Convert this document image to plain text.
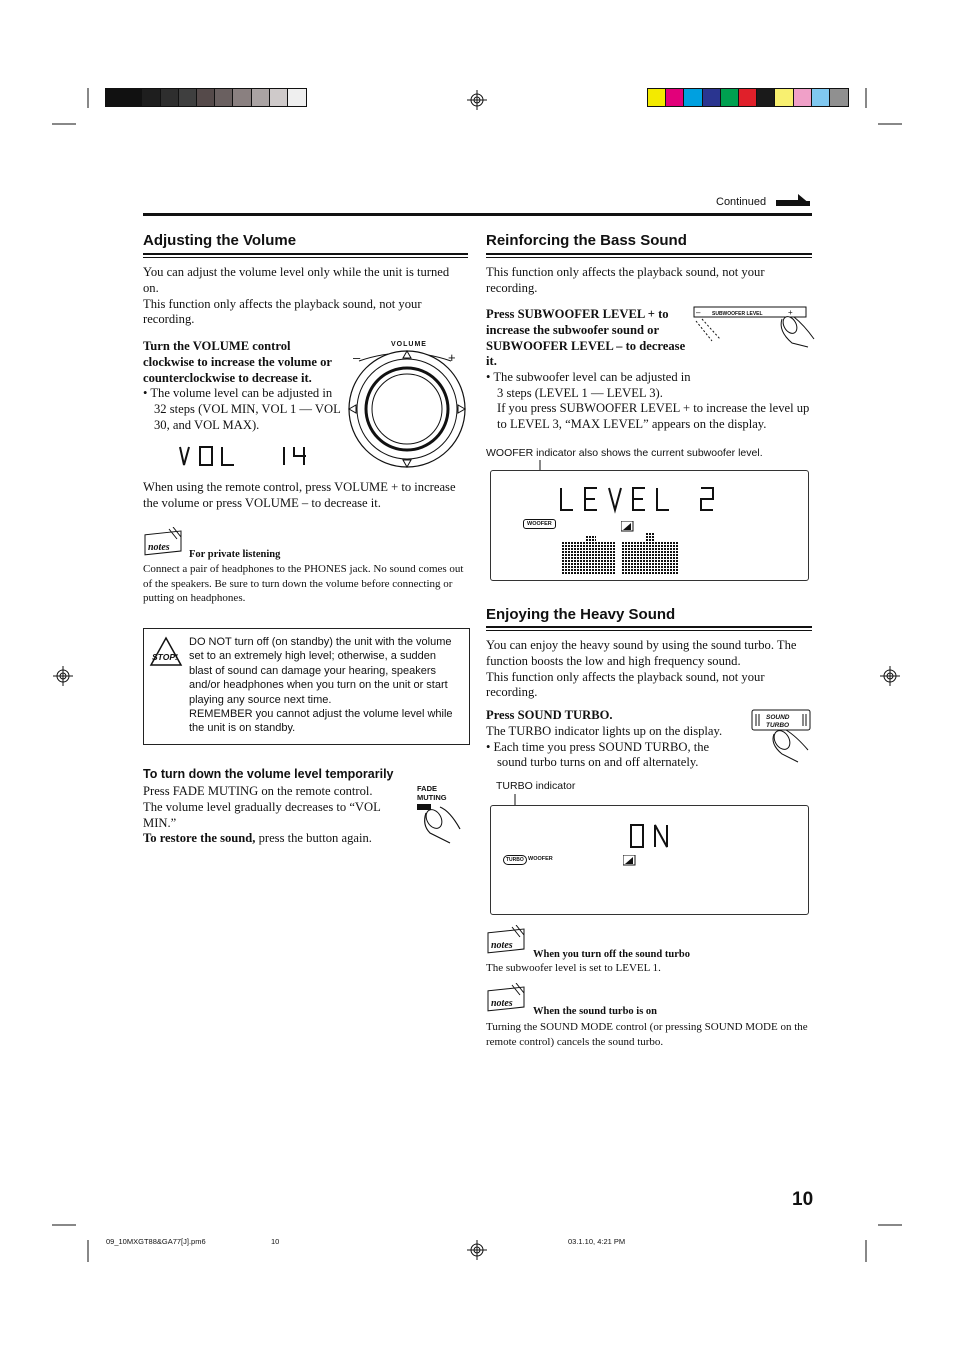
Continued
Adjusting the Volume

You can adjust the volume level only while the unit is turned on.

This function only affects the playback sound, not your recording.

Turn the VOLUME control clockwise to increase the volume or counterclockwise to decrease it.

• The volume level can be adjusted in 32 steps (VOL MIN, VOL 1 — VOL 30, and VOL MAX).

VOLUME
–	+
VOL 14

When using the remote control, press VOLUME + to increase the volume or press VOLUME – to decrease it.

notes
For private listening

Connect a pair of headphones to the PHONES jack. No sound comes out of the speakers. Be sure to turn down the volume before connecting or putting on headphones.

STOP!

DO NOT turn off (on standby) the unit with the volume set to an extremely high level; otherwise, a sudden blast of sound can damage your hearing, speakers and/or headphones when you turn on the unit or start playing any source next time.

REMEMBER you cannot adjust the volume level while the unit is on standby.

To turn down the volume level temporarily

Press FADE MUTING on the remote control. The volume level gradually decreases to “VOL MIN.”

To restore the sound, press the button again.

FADE
MUTING
Reinforcing the Bass Sound

This function only affects the playback sound, not your recording.

Press SUBWOOFER LEVEL + to increase the subwoofer sound or SUBWOOFER LEVEL – to decrease it.

• The subwoofer level can be adjusted in 3 steps (LEVEL 1 — LEVEL 3).

If you press SUBWOOFER LEVEL + to increase the level up to LEVEL 3, “MAX LEVEL” appears on the display.

SUBWOOFER LEVEL
–	+
WOOFER indicator also shows the current subwoofer level.
LEVEL 2
WOOFER
Enjoying the Heavy Sound

You can enjoy the heavy sound by using the sound turbo. The function boosts the low and high frequency sound.

This function only affects the playback sound, not your recording.

Press SOUND TURBO.

The TURBO indicator lights up on the display.

• Each time you press SOUND TURBO, the sound turbo turns on and off alternately.

SOUND
TURBO
TURBO indicator
ON
TURBO WOOFER
notes
When you turn off the sound turbo
The subwoofer level is set to LEVEL 1.
notes
When the sound turbo is on

Turning the SOUND MODE control (or pressing SOUND MODE on the remote control) cancels the sound turbo.

10
09_10MXGT88&GA77[J].pm6	10	03.1.10, 4:21 PM
